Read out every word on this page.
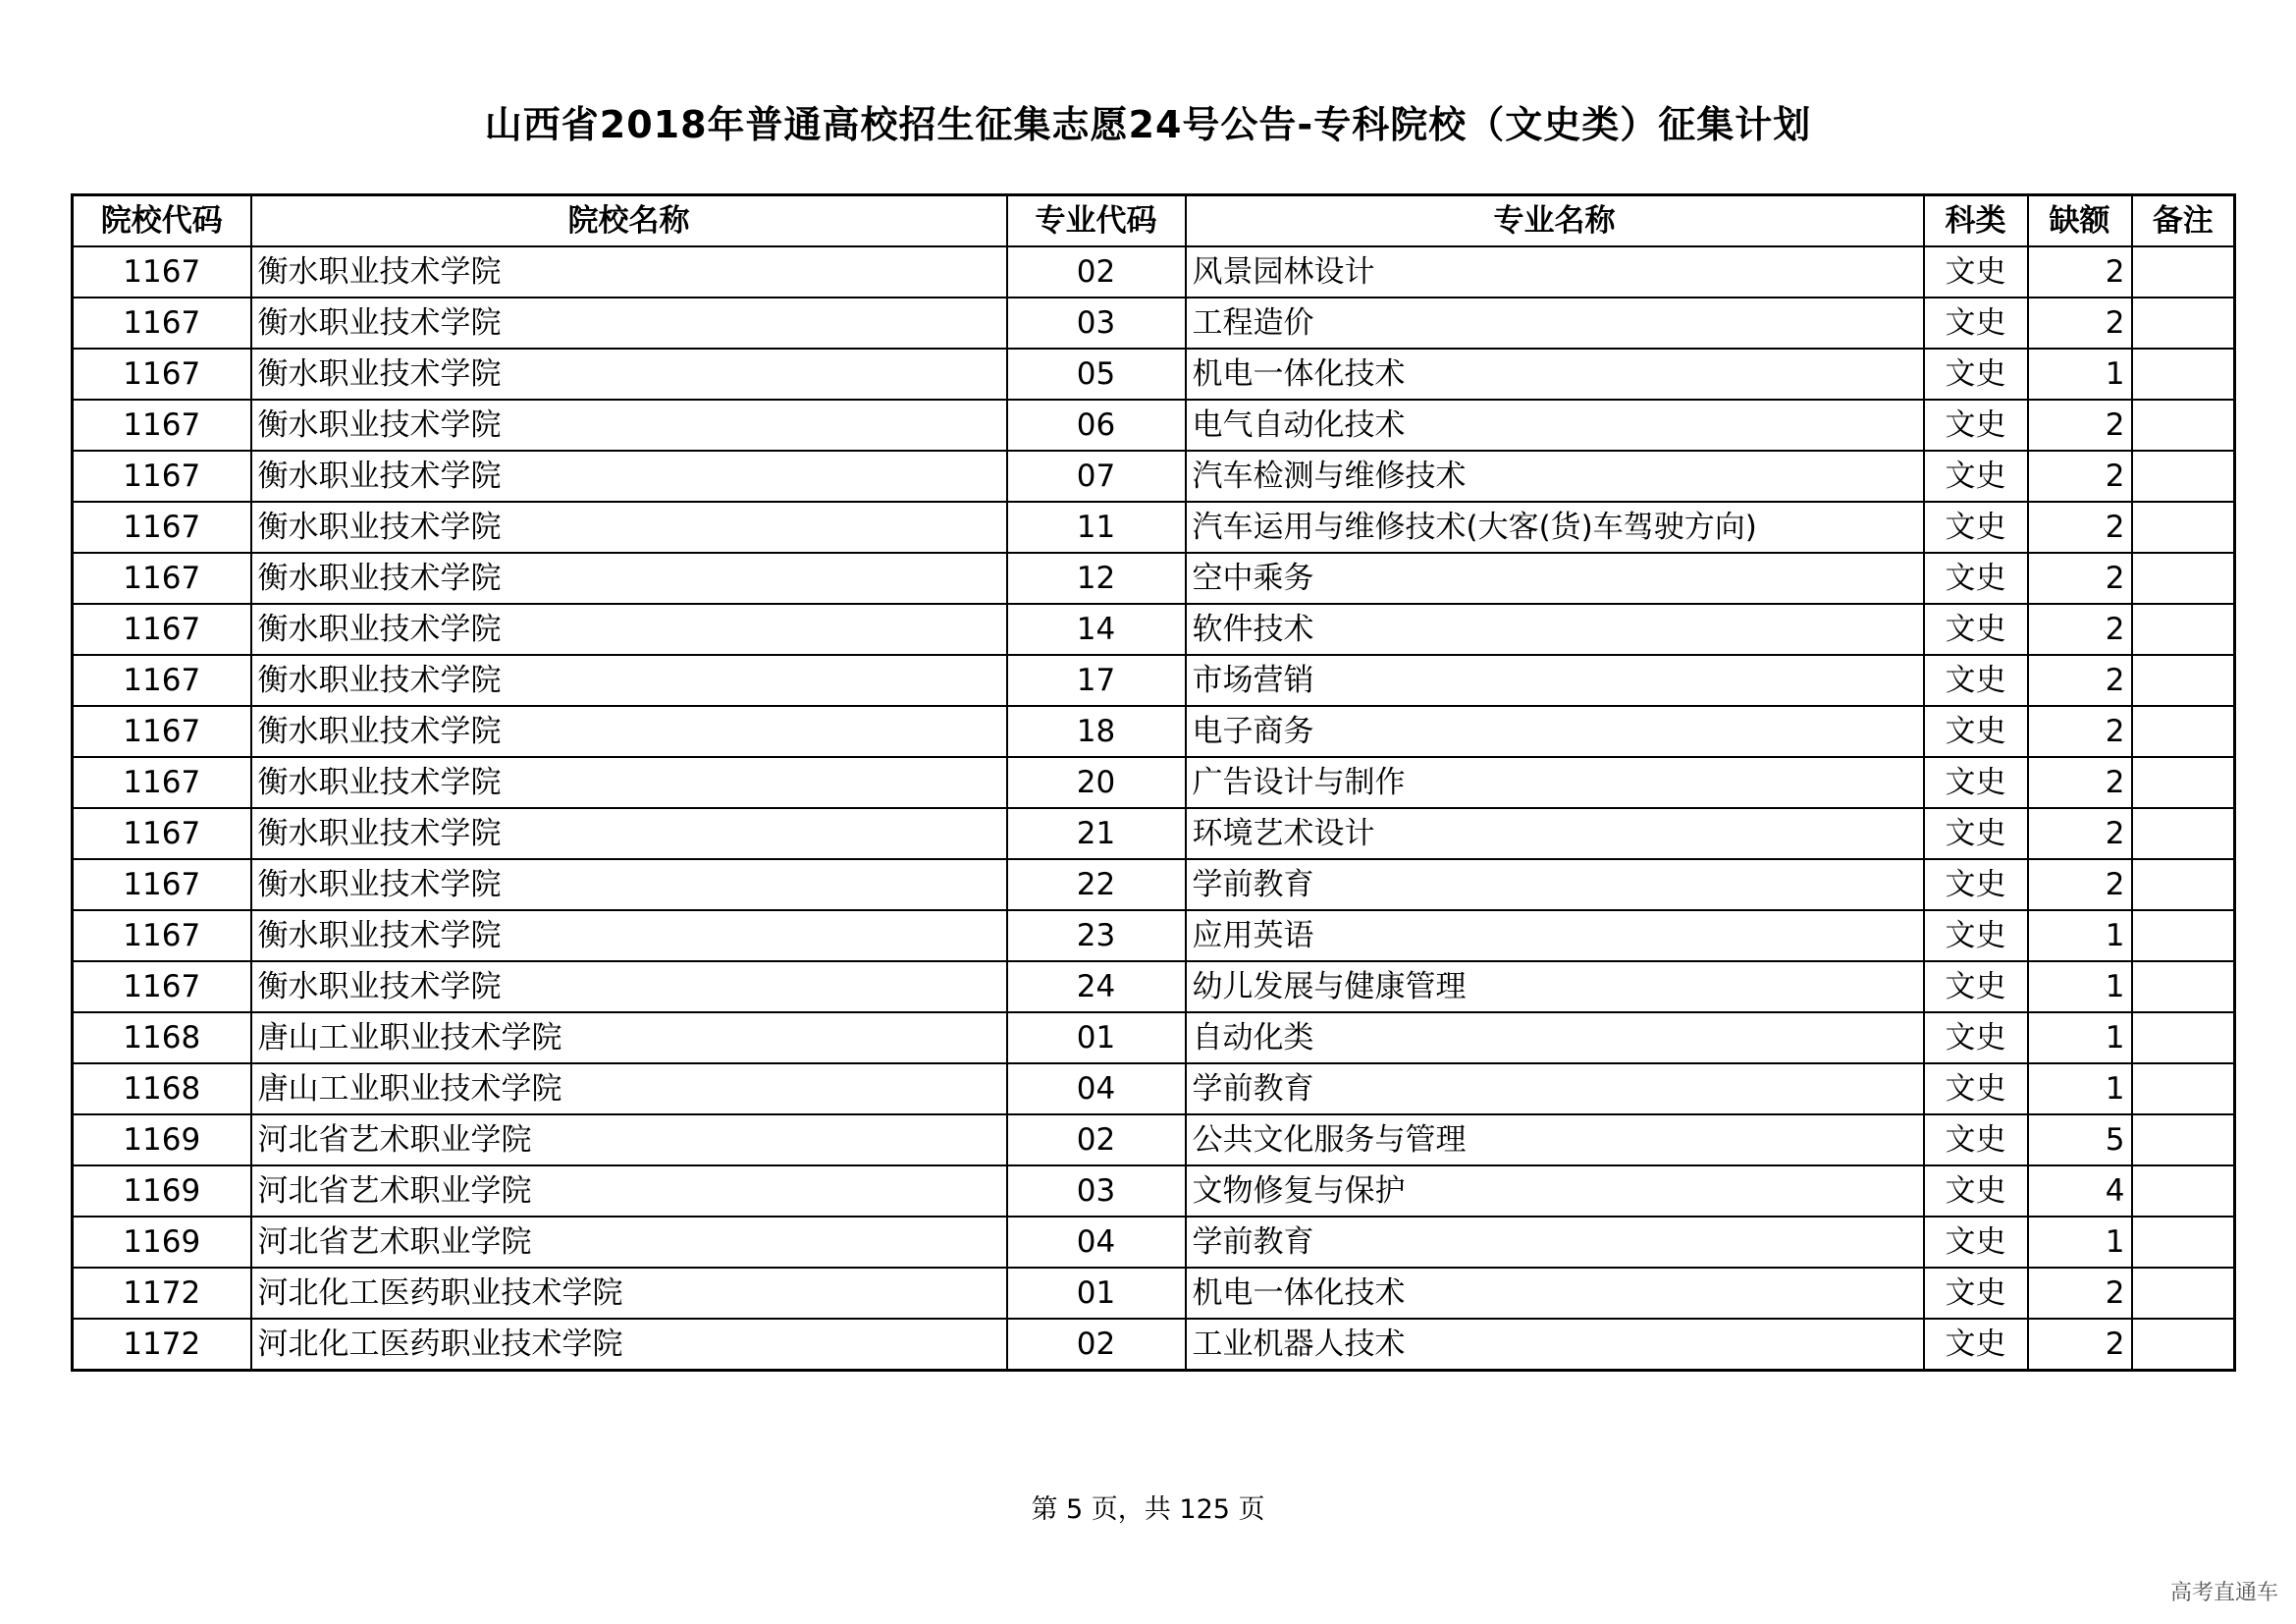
山西省2018年普通高校招生征集志愿24号公告-专科院校（文史类）征集计划
院校代码	院校名称	专业代码	专业名称	科类	缺额	备注
1167	衡水职业技术学院	02	风景园林设计	文史	2	
1167	衡水职业技术学院	03	工程造价	文史	2	
1167	衡水职业技术学院	05	机电一体化技术	文史	1	
1167	衡水职业技术学院	06	电气自动化技术	文史	2	
1167	衡水职业技术学院	07	汽车检测与维修技术	文史	2	
1167	衡水职业技术学院	11	汽车运用与维修技术(大客(货)车驾驶方向)	文史	2	
1167	衡水职业技术学院	12	空中乘务	文史	2	
1167	衡水职业技术学院	14	软件技术	文史	2	
1167	衡水职业技术学院	17	市场营销	文史	2	
1167	衡水职业技术学院	18	电子商务	文史	2	
1167	衡水职业技术学院	20	广告设计与制作	文史	2	
1167	衡水职业技术学院	21	环境艺术设计	文史	2	
1167	衡水职业技术学院	22	学前教育	文史	2	
1167	衡水职业技术学院	23	应用英语	文史	1	
1167	衡水职业技术学院	24	幼儿发展与健康管理	文史	1	
1168	唐山工业职业技术学院	01	自动化类	文史	1	
1168	唐山工业职业技术学院	04	学前教育	文史	1	
1169	河北省艺术职业学院	02	公共文化服务与管理	文史	5	
1169	河北省艺术职业学院	03	文物修复与保护	文史	4	
1169	河北省艺术职业学院	04	学前教育	文史	1	
1172	河北化工医药职业技术学院	01	机电一体化技术	文史	2	
1172	河北化工医药职业技术学院	02	工业机器人技术	文史	2	
第 5 页，共 125 页
高考直通车
